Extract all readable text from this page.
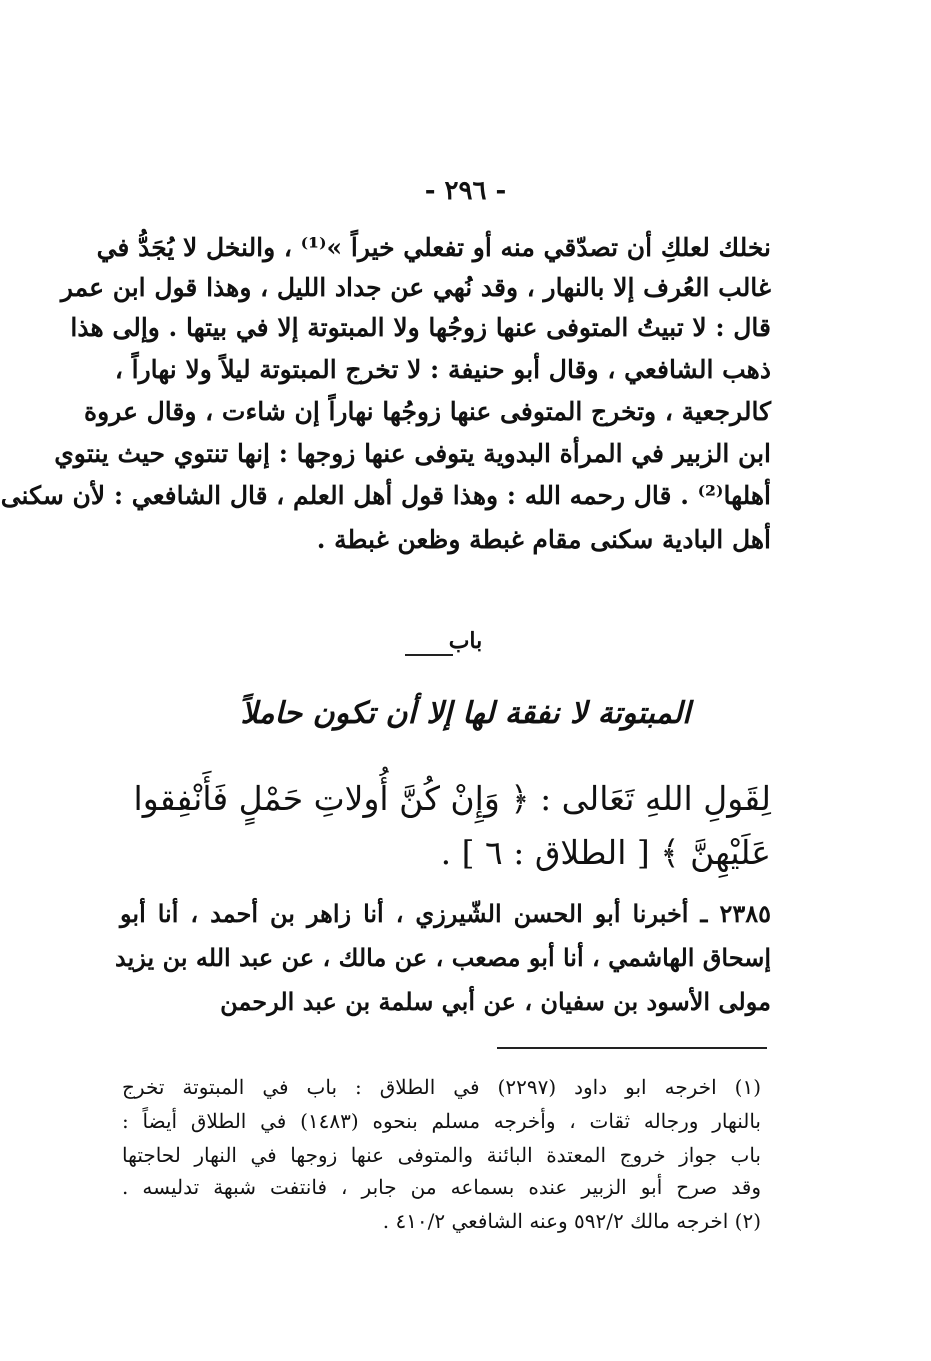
- ٢٩٦ -
نخلك لعلكِ أن تصدّقي منه أو تفعلي خيراً »⁽¹⁾ ، والنخل لا يُجَدُّ في
غالب العُرف إلا بالنهار ، وقد نُهي عن جداد الليل ، وهذا قول ابن عمر
قال : لا تبيتُ المتوفى عنها زوجُها ولا المبتوتة إلا في بيتها . وإلى هذا
ذهب الشافعي ، وقال أبو حنيفة : لا تخرج المبتوتة ليلاً ولا نهاراً ،
كالرجعية ، وتخرج المتوفى عنها زوجُها نهاراً إن شاءت ، وقال عروة
ابن الزبير في المرأة البدوية يتوفى عنها زوجها : إنها تنتوي حيث ينتوي
أهلها⁽²⁾ . قال رحمه الله : وهذا قول أهل العلم ، قال الشافعي : لأن سكنى
أهل البادية سكنى مقام غبطة وظعن غبطة .
باب
المبتوتة لا نفقة لها إلا أن تكون حاملاً
لِقَولِ اللهِ تَعَالى : ﴿ وَإِنْ كُنَّ أُولاتِ حَمْلٍ فَأَنْفِقوا
عَلَيْهِنَّ ﴾ [ الطلاق : ٦ ] .
٢٣٨٥ ـ أخبرنا أبو الحسن الشّيرزي ، أنا زاهر بن أحمد ، أنا أبو
إسحاق الهاشمي ، أنا أبو مصعب ، عن مالك ، عن عبد الله بن يزيد
مولى الأسود بن سفيان ، عن أبي سلمة بن عبد الرحمن
(١) اخرجه ابو داود (٢٢٩٧) في الطلاق : باب في المبتوتة تخرج
بالنهار ورجاله ثقات ، وأخرجه مسلم بنحوه (١٤٨٣) في الطلاق أيضاً :
باب جواز خروج المعتدة البائنة والمتوفى عنها زوجها في النهار لحاجتها
وقد صرح أبو الزبير عنده بسماعه من جابر ، فانتفت شبهة تدليسه .
(٢) اخرجه مالك ٥٩٢/٢ وعنه الشافعي ٤١٠/٢ .
